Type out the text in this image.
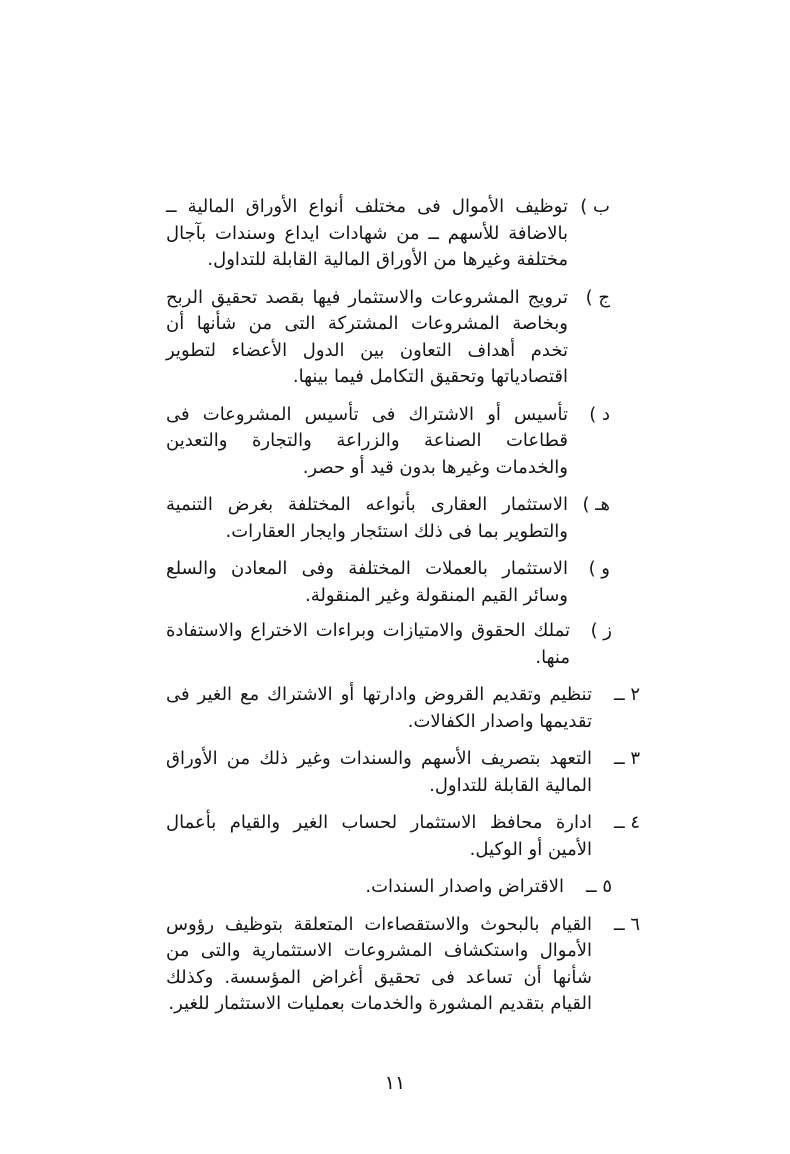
ب )
توظيف الأموال فى مختلف أنواع الأوراق المالية ــ بالاضافة للأسهم ــ من شهادات ايداع وسندات بآجال مختلفة وغيرها من الأوراق المالية القابلة للتداول.
ج )
ترويج المشروعات والاستثمار فيها بقصد تحقيق الربح وبخاصة المشروعات المشتركة التى من شأنها أن تخدم أهداف التعاون بين الدول الأعضاء لتطوير اقتصادياتها وتحقيق التكامل فيما بينها.
د )
تأسيس أو الاشتراك فى تأسيس المشروعات فى قطاعات الصناعة والزراعة والتجارة والتعدين والخدمات وغيرها بدون قيد أو حصر.
هـ )
الاستثمار العقارى بأنواعه المختلفة بغرض التنمية والتطوير بما فى ذلك استئجار وايجار العقارات.
و )
الاستثمار بالعملات المختلفة وفى المعادن والسلع وسائر القيم المنقولة وغير المنقولة.
ز )
تملك الحقوق والامتيازات وبراءات الاختراع والاستفادة منها.
٢ ــ
تنظيم وتقديم القروض وادارتها أو الاشتراك مع الغير فى تقديمها واصدار الكفالات.
٣ ــ
التعهد بتصريف الأسهم والسندات وغير ذلك من الأوراق المالية القابلة للتداول.
٤ ــ
ادارة محافظ الاستثمار لحساب الغير والقيام بأعمال الأمين أو الوكيل.
٥ ــ
الاقتراض واصدار السندات.
٦ ــ
القيام بالبحوث والاستقصاءات المتعلقة بتوظيف رؤوس الأموال واستكشاف المشروعات الاستثمارية والتى من شأنها أن تساعد فى تحقيق أغراض المؤسسة. وكذلك القيام بتقديم المشورة والخدمات بعمليات الاستثمار للغير.
١١
